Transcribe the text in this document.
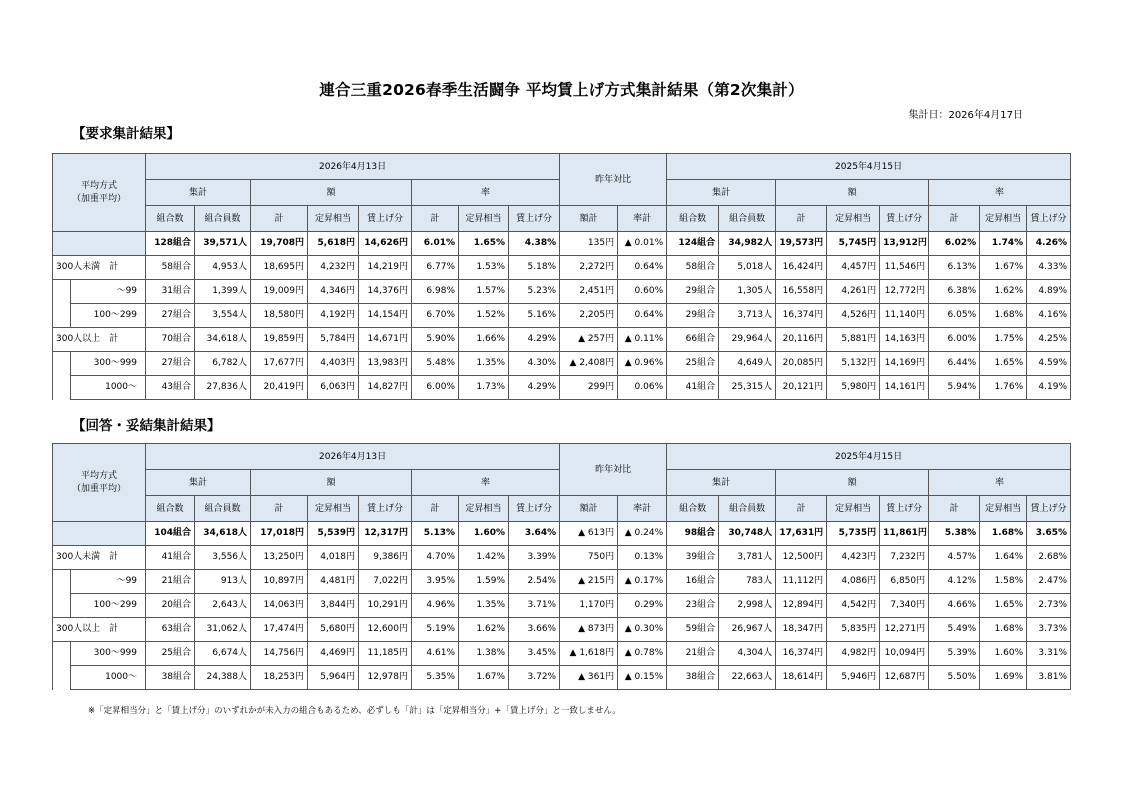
連合三重2026春季生活闘争 平均賃上げ方式集計結果（第2次集計）
集計日：2026年4月17日
【要求集計結果】
平均方式
（加重平均）		2026年4月13日								昨年対比		2025年4月15日							
		集計		額			率					集計		額			率		
		組合数	組合員数	計	定昇相当	賃上げ分	計	定昇相当	賃上げ分	額計	率計	組合数	組合員数	計	定昇相当	賃上げ分	計	定昇相当	賃上げ分
		128組合	39,571人	19,708円	5,618円	14,626円	6.01%	1.65%	4.38%	135円	▲ 0.01%	124組合	34,982人	19,573円	5,745円	13,912円	6.02%	1.74%	4.26%
300人未満　計		58組合	4,953人	18,695円	4,232円	14,219円	6.77%	1.53%	5.18%	2,272円	0.64%	58組合	5,018人	16,424円	4,457円	11,546円	6.13%	1.67%	4.33%
	～99	31組合	1,399人	19,009円	4,346円	14,376円	6.98%	1.57%	5.23%	2,451円	0.60%	29組合	1,305人	16,558円	4,261円	12,772円	6.38%	1.62%	4.89%
	100～299	27組合	3,554人	18,580円	4,192円	14,154円	6.70%	1.52%	5.16%	2,205円	0.64%	29組合	3,713人	16,374円	4,526円	11,140円	6.05%	1.68%	4.16%
300人以上　計		70組合	34,618人	19,859円	5,784円	14,671円	5.90%	1.66%	4.29%	▲ 257円	▲ 0.11%	66組合	29,964人	20,116円	5,881円	14,163円	6.00%	1.75%	4.25%
	300～999	27組合	6,782人	17,677円	4,403円	13,983円	5.48%	1.35%	4.30%	▲ 2,408円	▲ 0.96%	25組合	4,649人	20,085円	5,132円	14,169円	6.44%	1.65%	4.59%
	1000～	43組合	27,836人	20,419円	6,063円	14,827円	6.00%	1.73%	4.29%	299円	0.06%	41組合	25,315人	20,121円	5,980円	14,161円	5.94%	1.76%	4.19%
【回答・妥結集計結果】
平均方式
（加重平均）		2026年4月13日								昨年対比		2025年4月15日							
		集計		額			率					集計		額			率		
		組合数	組合員数	計	定昇相当	賃上げ分	計	定昇相当	賃上げ分	額計	率計	組合数	組合員数	計	定昇相当	賃上げ分	計	定昇相当	賃上げ分
		104組合	34,618人	17,018円	5,539円	12,317円	5.13%	1.60%	3.64%	▲ 613円	▲ 0.24%	98組合	30,748人	17,631円	5,735円	11,861円	5.38%	1.68%	3.65%
300人未満　計		41組合	3,556人	13,250円	4,018円	9,386円	4.70%	1.42%	3.39%	750円	0.13%	39組合	3,781人	12,500円	4,423円	7,232円	4.57%	1.64%	2.68%
	～99	21組合	913人	10,897円	4,481円	7,022円	3.95%	1.59%	2.54%	▲ 215円	▲ 0.17%	16組合	783人	11,112円	4,086円	6,850円	4.12%	1.58%	2.47%
	100～299	20組合	2,643人	14,063円	3,844円	10,291円	4.96%	1.35%	3.71%	1,170円	0.29%	23組合	2,998人	12,894円	4,542円	7,340円	4.66%	1.65%	2.73%
300人以上　計		63組合	31,062人	17,474円	5,680円	12,600円	5.19%	1.62%	3.66%	▲ 873円	▲ 0.30%	59組合	26,967人	18,347円	5,835円	12,271円	5.49%	1.68%	3.73%
	300～999	25組合	6,674人	14,756円	4,469円	11,185円	4.61%	1.38%	3.45%	▲ 1,618円	▲ 0.78%	21組合	4,304人	16,374円	4,982円	10,094円	5.39%	1.60%	3.31%
	1000～	38組合	24,388人	18,253円	5,964円	12,978円	5.35%	1.67%	3.72%	▲ 361円	▲ 0.15%	38組合	22,663人	18,614円	5,946円	12,687円	5.50%	1.69%	3.81%
※「定昇相当分」と「賃上げ分」のいずれかが未入力の組合もあるため、必ずしも「計」は「定昇相当分」+「賃上げ分」と一致しません。
